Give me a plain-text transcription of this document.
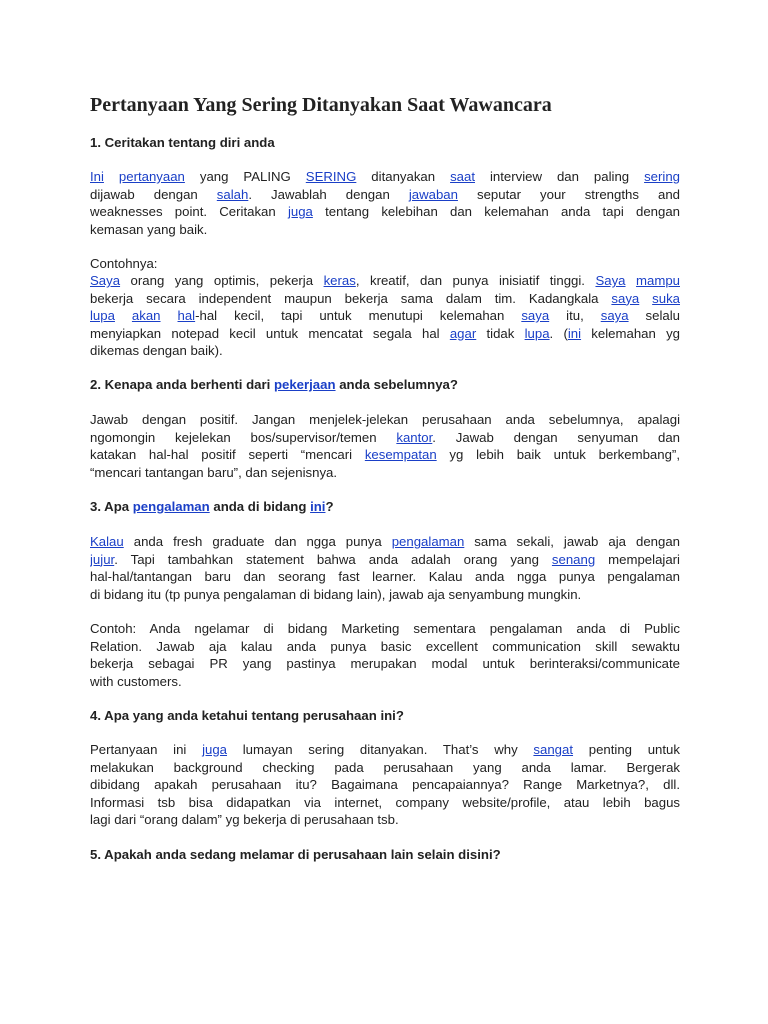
Pertanyaan Yang Sering Ditanyakan Saat Wawancara
1. Ceritakan tentang diri anda
Ini pertanyaan yang PALING SERING ditanyakan saat interview dan paling sering
dijawab dengan salah. Jawablah dengan jawaban seputar your strengths and
weaknesses point. Ceritakan juga tentang kelebihan dan kelemahan anda tapi dengan
kemasan yang baik.
Contohnya:
Saya orang yang optimis, pekerja keras, kreatif, dan punya inisiatif tinggi. Saya mampu
bekerja secara independent maupun bekerja sama dalam tim. Kadangkala saya suka
lupa akan hal-hal kecil, tapi untuk menutupi kelemahan saya itu, saya selalu
menyiapkan notepad kecil untuk mencatat segala hal agar tidak lupa. (ini kelemahan yg
dikemas dengan baik).
2. Kenapa anda berhenti dari pekerjaan anda sebelumnya?
Jawab dengan positif. Jangan menjelek-jelekan perusahaan anda sebelumnya, apalagi
ngomongin kejelekan bos/supervisor/temen kantor. Jawab dengan senyuman dan
katakan hal-hal positif seperti “mencari kesempatan yg lebih baik untuk berkembang”,
“mencari tantangan baru”, dan sejenisnya.
3. Apa pengalaman anda di bidang ini?
Kalau anda fresh graduate dan ngga punya pengalaman sama sekali, jawab aja dengan
jujur. Tapi tambahkan statement bahwa anda adalah orang yang senang mempelajari
hal-hal/tantangan baru dan seorang fast learner. Kalau anda ngga punya pengalaman
di bidang itu (tp punya pengalaman di bidang lain), jawab aja senyambung mungkin.
Contoh: Anda ngelamar di bidang Marketing sementara pengalaman anda di Public
Relation. Jawab aja kalau anda punya basic excellent communication skill sewaktu
bekerja sebagai PR yang pastinya merupakan modal untuk berinteraksi/communicate
with customers.
4. Apa yang anda ketahui tentang perusahaan ini?
Pertanyaan ini juga lumayan sering ditanyakan. That’s why sangat penting untuk
melakukan background checking pada perusahaan yang anda lamar. Bergerak
dibidang apakah perusahaan itu? Bagaimana pencapaiannya? Range Marketnya?, dll.
Informasi tsb bisa didapatkan via internet, company website/profile, atau lebih bagus
lagi dari “orang dalam” yg bekerja di perusahaan tsb.
5. Apakah anda sedang melamar di perusahaan lain selain disini?
